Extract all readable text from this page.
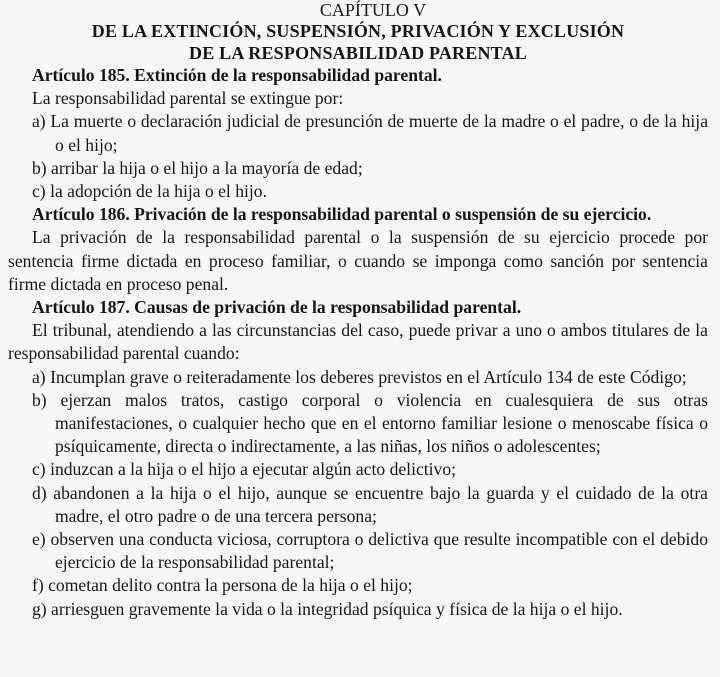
CAPÍTULO V
DE LA EXTINCIÓN, SUSPENSIÓN, PRIVACIÓN Y EXCLUSIÓN
DE LA RESPONSABILIDAD PARENTAL
Artículo 185. Extinción de la responsabilidad parental.
La responsabilidad parental se extingue por:
a) La muerte o declaración judicial de presunción de muerte de la madre o el padre, o de la hija o el hijo;
b) arribar la hija o el hijo a la mayoría de edad;
c) la adopción de la hija o el hijo.
Artículo 186. Privación de la responsabilidad parental o suspensión de su ejercicio.
La privación de la responsabilidad parental o la suspensión de su ejercicio procede por sentencia firme dictada en proceso familiar, o cuando se imponga como sanción por sentencia firme dictada en proceso penal.
Artículo 187. Causas de privación de la responsabilidad parental.
El tribunal, atendiendo a las circunstancias del caso, puede privar a uno o ambos titulares de la responsabilidad parental cuando:
a) Incumplan grave o reiteradamente los deberes previstos en el Artículo 134 de este Código;
b) ejerzan malos tratos, castigo corporal o violencia en cualesquiera de sus otras manifestaciones, o cualquier hecho que en el entorno familiar lesione o menoscabe física o psíquicamente, directa o indirectamente, a las niñas, los niños o adolescentes;
c) induzcan a la hija o el hijo a ejecutar algún acto delictivo;
d) abandonen a la hija o el hijo, aunque se encuentre bajo la guarda y el cuidado de la otra madre, el otro padre o de una tercera persona;
e) observen una conducta viciosa, corruptora o delictiva que resulte incompatible con el debido ejercicio de la responsabilidad parental;
f) cometan delito contra la persona de la hija o el hijo;
g) arriesguen gravemente la vida o la integridad psíquica y física de la hija o el hijo.
